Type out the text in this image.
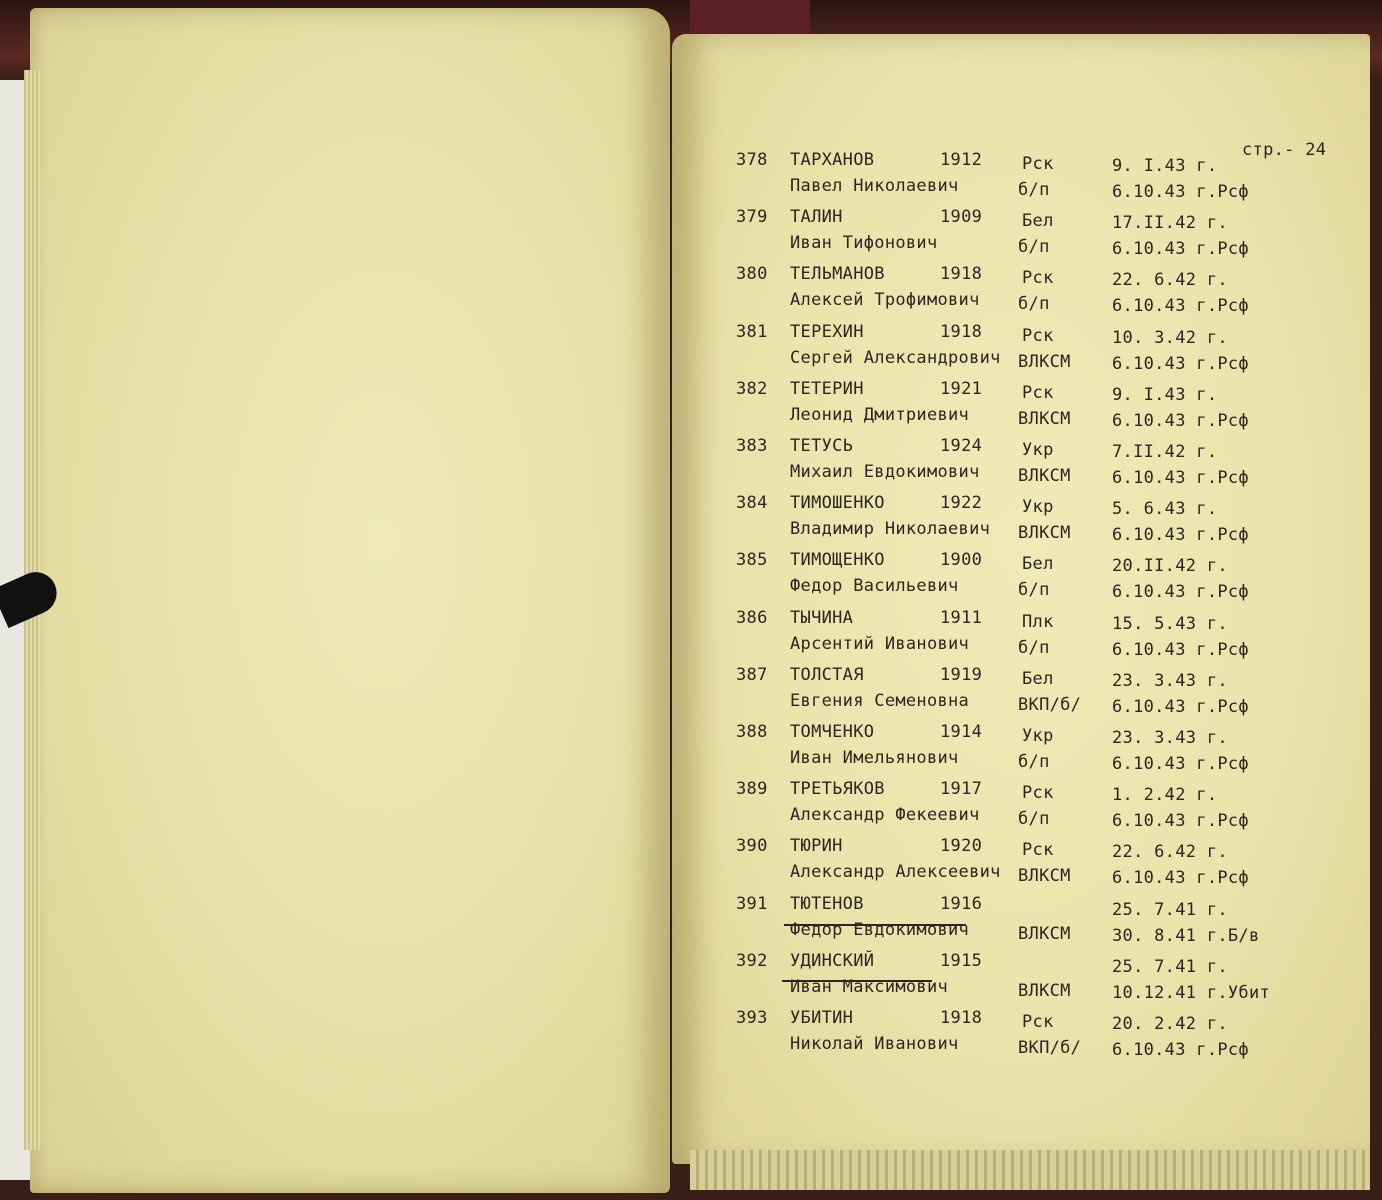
стр.- 24
378 ТАРХАНОВ	1912 Рск	9. I.43 г.
Павел Николаевич	б/п	6.10.43 г.Рсф
379 ТАЛИН	1909 Бел	17.II.42 г.
Иван Тифонович	б/п	6.10.43 г.Рсф
380 ТЕЛЬМАНОВ	1918 Рск	22. 6.42 г.
Алексей Трофимович б/п	6.10.43 г.Рсф
381 ТЕРЕХИН	1918 Рск	10. 3.42 г.
Сергей Александрович ВЛКСМ 6.10.43 г.Рсф
382 ТЕТЕРИН	1921 Рск	9. I.43 г.
Леонид Дмитриевич	ВЛКСМ 6.10.43 г.Рсф
383 ТЕТУСЬ	1924 Укр	7.II.42 г.
Михаил Евдокимович ВЛКСМ 6.10.43 г.Рсф
384 ТИМОШЕНКО	1922 Укр	5. 6.43 г.
Владимир Николаевич ВЛКСМ 6.10.43 г.Рсф
385 ТИМОЩЕНКО	1900 Бел	20.II.42 г.
Федор Васильевич	б/п	6.10.43 г.Рсф
386 ТЫЧИНА	1911 Плк	15. 5.43 г.
Арсентий Иванович	б/п	6.10.43 г.Рсф
387 ТОЛСТАЯ	1919 Бел	23. 3.43 г.
Евгения Семеновна	ВКП/б/ 6.10.43 г.Рсф
388 ТОМЧЕНКО	1914 Укр	23. 3.43 г.
Иван Имельянович	б/п	6.10.43 г.Рсф
389 ТРЕТЬЯКОВ	1917 Рск	1. 2.42 г.
Александр Фекеевич б/п	6.10.43 г.Рсф
390 ТЮРИН	1920 Рск	22. 6.42 г.
Александр Алексеевич ВЛКСМ 6.10.43 г.Рсф
391 ТЮТЕНОВ	1916	25. 7.41 г.
Федор Евдокимович	ВЛКСМ 30. 8.41 г.Б/в
392 УДИНСКИЙ	1915	25. 7.41 г.
Иван Максимович	ВЛКСМ 10.12.41 г.Убит
393 УБИТИН	1918 Рск	20. 2.42 г.
Николай Иванович	ВКП/б/ 6.10.43 г.Рсф
